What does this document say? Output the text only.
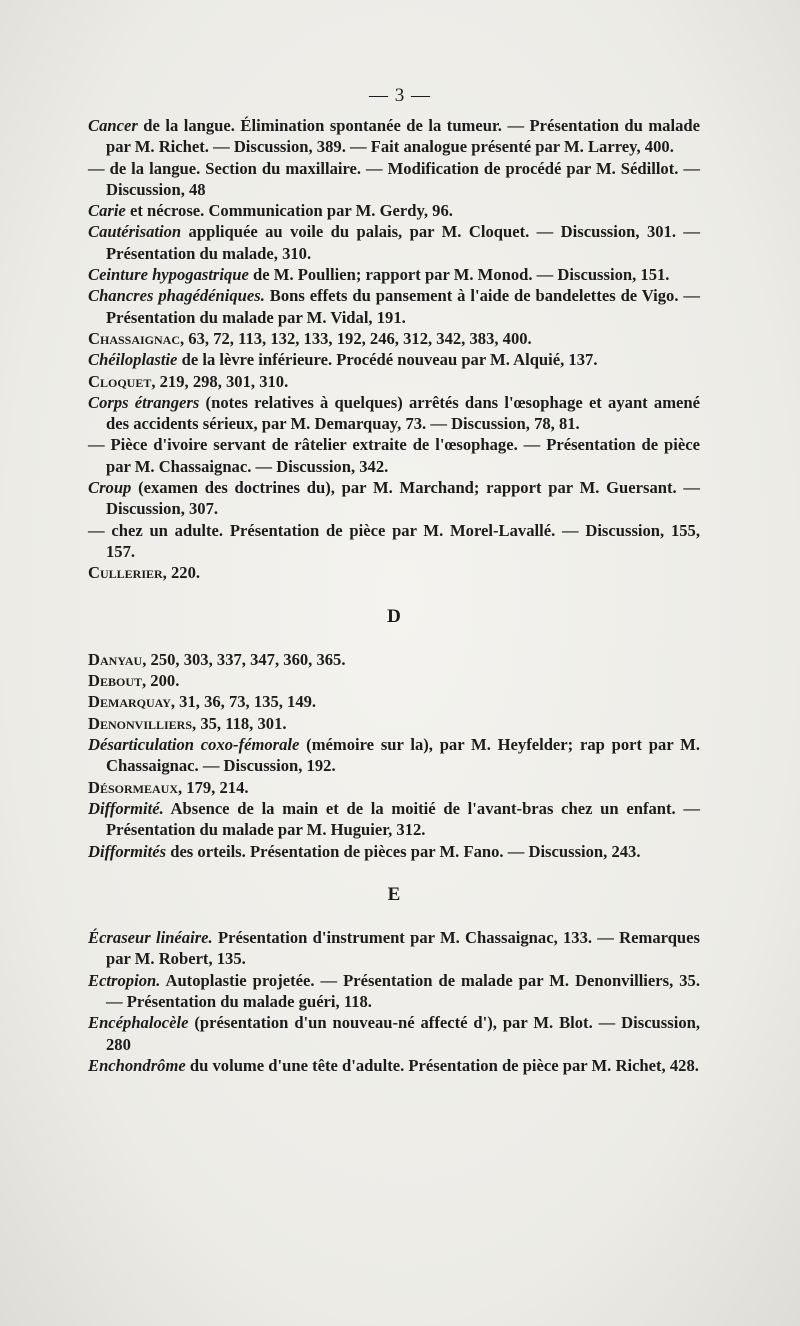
— 3 —
Cancer de la langue. Élimination spontanée de la tumeur. — Présentation du malade par M. Richet. — Discussion, 389. — Fait analogue présenté par M. Larrey, 400.
— de la langue. Section du maxillaire. — Modification de procédé par M. Sédillot. — Discussion, 48
Carie et nécrose. Communication par M. Gerdy, 96.
Cautérisation appliquée au voile du palais, par M. Cloquet. — Discussion, 301. — Présentation du malade, 310.
Ceinture hypogastrique de M. Poullien; rapport par M. Monod. — Discussion, 151.
Chancres phagédéniques. Bons effets du pansement à l'aide de bandelettes de Vigo. — Présentation du malade par M. Vidal, 191.
Chassaignac, 63, 72, 113, 132, 133, 192, 246, 312, 342, 383, 400.
Chéiloplastie de la lèvre inférieure. Procédé nouveau par M. Alquié, 137.
Cloquet, 219, 298, 301, 310.
Corps étrangers (notes relatives à quelques) arrêtés dans l'œsophage et ayant amené des accidents sérieux, par M. Demarquay, 73. — Discussion, 78, 81.
— Pièce d'ivoire servant de râtelier extraite de l'œsophage. — Présentation de pièce par M. Chassaignac. — Discussion, 342.
Croup (examen des doctrines du), par M. Marchand; rapport par M. Guersant. — Discussion, 307.
— chez un adulte. Présentation de pièce par M. Morel-Lavallé. — Discussion, 155, 157.
Cullerier, 220.
D
Danyau, 250, 303, 337, 347, 360, 365.
Debout, 200.
Demarquay, 31, 36, 73, 135, 149.
Denonvilliers, 35, 118, 301.
Désarticulation coxo-fémorale (mémoire sur la), par M. Heyfelder; rap port par M. Chassaignac. — Discussion, 192.
Désormeaux, 179, 214.
Difformité. Absence de la main et de la moitié de l'avant-bras chez un enfant. — Présentation du malade par M. Huguier, 312.
Difformités des orteils. Présentation de pièces par M. Fano. — Discussion, 243.
E
Écraseur linéaire. Présentation d'instrument par M. Chassaignac, 133. — Remarques par M. Robert, 135.
Ectropion. Autoplastie projetée. — Présentation de malade par M. Denonvilliers, 35. — Présentation du malade guéri, 118.
Encéphalocèle (présentation d'un nouveau-né affecté d'), par M. Blot. — Discussion, 280
Enchondrôme du volume d'une tête d'adulte. Présentation de pièce par M. Richet, 428.
